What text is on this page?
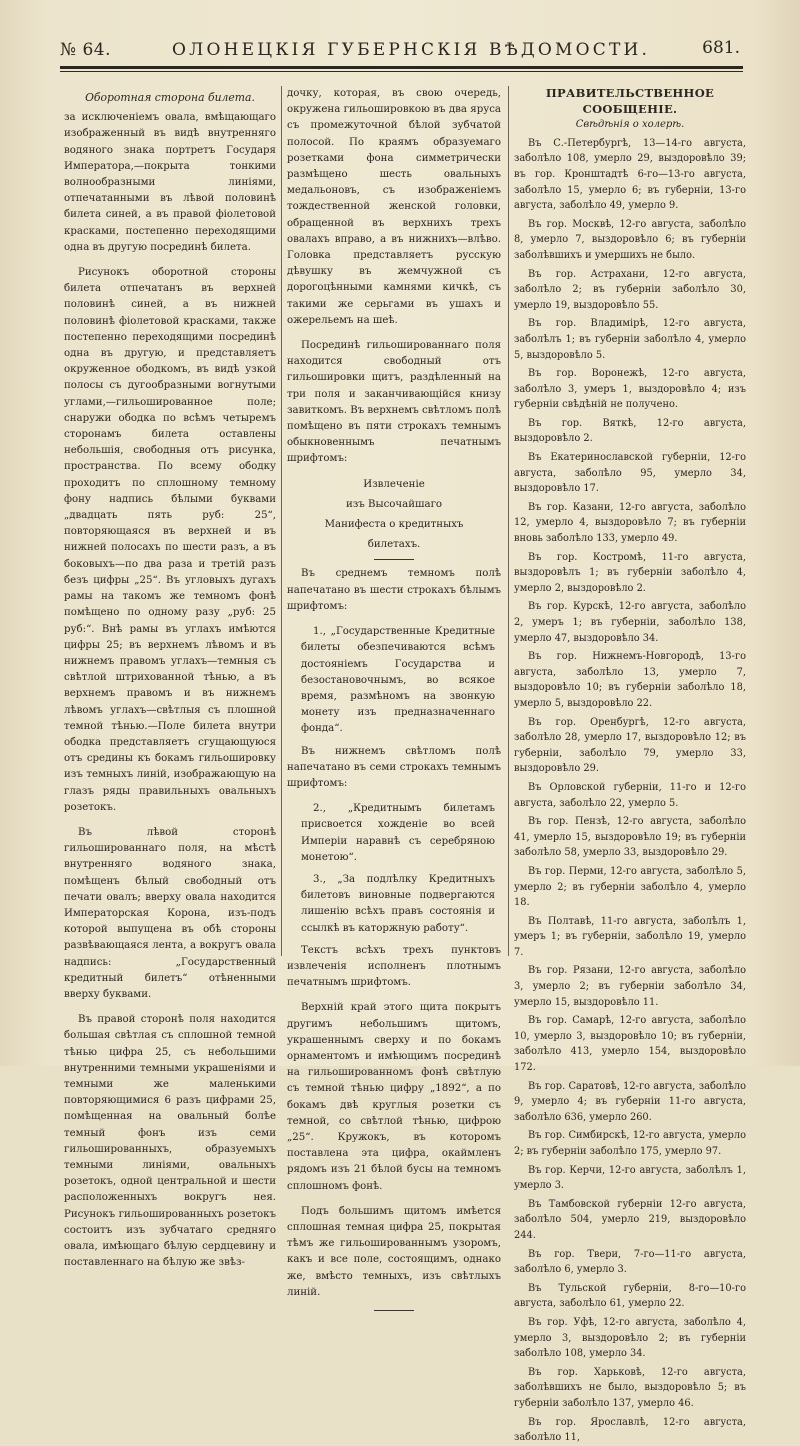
№ 64.	ОЛОНЕЦКІЯ ГУБЕРНСКІЯ ВѢДОМОСТИ.	681.

Оборотная сторона билета.

за исключеніемъ овала, вмѣщающаго изображенный въ видѣ внутренняго водяного знака портретъ Государя Императора,—покрыта тонкими волнообразными линіями, отпечатанными въ лѣвой половинѣ билета синей, а въ правой фіолетовой красками, постепенно переходящими одна въ другую посрединѣ билета.

Рисунокъ оборотной стороны билета отпечатанъ въ верхней половинѣ синей, а въ нижней половинѣ фіолетовой красками, также постепенно переходящими посрединѣ одна въ другую, и представляетъ окруженное ободкомъ, въ видѣ узкой полосы съ дугообразными вогнутыми углами,—гильошированное поле; снаружи ободка по всѣмъ четыремъ сторонамъ билета оставлены небольшія, свободныя отъ рисунка, пространства. По всему ободку проходитъ по сплошному темному фону надпись бѣлыми буквами „двадцать пять руб: 25“, повторяющаяся въ верхней и въ нижней полосахъ по шести разъ, а въ боковыхъ—по два раза и третій разъ безъ цифры „25“. Въ угловыхъ дугахъ рамы на такомъ же темномъ фонѣ помѣщено по одному разу „руб: 25 руб:“. Внѣ рамы въ углахъ имѣются цифры 25; въ верхнемъ лѣвомъ и въ нижнемъ правомъ углахъ—темныя съ свѣтлой штрихованной тѣнью, а въ верхнемъ правомъ и въ нижнемъ лѣвомъ углахъ—свѣтлыя съ плошной темной тѣнью.—Поле билета внутри ободка представляетъ сгущающуюся отъ средины къ бокамъ гильошировку изъ темныхъ линій, изображающую на глазъ ряды правильныхъ овальныхъ розетокъ.

Въ лѣвой сторонѣ гильошированнаго поля, на мѣстѣ внутренняго водяного знака, помѣщенъ бѣлый свободный отъ печати овалъ; вверху овала находится Императорская Корона, изъ-подъ которой выпущена въ обѣ стороны развѣвающаяся лента, а вокругъ овала надпись: „Государственный кредитный билетъ“ отѣненными вверху буквами.

Въ правой сторонѣ поля находится большая свѣтлая съ сплошной темной тѣнью цифра 25, съ небольшими внутренними темными украшеніями и темными же маленькими повторяющимися 6 разъ цифрами 25, помѣщенная на овальный болѣе темный фонъ изъ семи гильошированныхъ, образуемыхъ темными линіями, овальныхъ розетокъ, одной центральной и шести расположенныхъ вокругъ нея. Рисунокъ гильошированныхъ розетокъ состоитъ изъ зубчатаго средняго овала, имѣющаго бѣлую сердцевину и поставленнаго на бѣлую же звѣз-

дочку, которая, въ свою очередь, окружена гильошировкою въ два яруса съ промежуточной бѣлой зубчатой полосой. По краямъ образуемаго розетками фона симметрически размѣщено шесть овальныхъ медальоновъ, съ изображеніемъ тождественной женской головки, обращенной въ верхнихъ трехъ овалахъ вправо, а въ нижнихъ—влѣво. Головка представляетъ русскую дѣвушку въ жемчужной съ дорогоцѣнными камнями кичкѣ, съ такими же серьгами въ ушахъ и ожерельемъ на шеѣ.

Посрединѣ гильошированнаго поля находится свободный отъ гильошировки щитъ, раздѣленный на три поля и заканчивающійся книзу завиткомъ. Въ верхнемъ свѣтломъ полѣ помѣщено въ пяти строкахъ темнымъ обыкновеннымъ печатнымъ шрифтомъ:

Извлеченіе

изъ Высочайшаго

Манифеста о кредитныхъ

билетахъ.

Въ среднемъ темномъ полѣ напечатано въ шести строкахъ бѣлымъ шрифтомъ:

1., „Государственные Кредитные билеты обезпечиваются всѣмъ достояніемъ Государства и безостановочнымъ, во всякое время, размѣномъ на звонкую монету изъ предназначеннаго фонда“.

Въ нижнемъ свѣтломъ полѣ напечатано въ семи строкахъ темнымъ шрифтомъ:

2., „Кредитнымъ билетамъ присвоется хожденіе во всей Имперіи наравнѣ съ серебряною монетою“.

3., „За подлѣлку Кредитныхъ билетовъ виновные подвергаются лишенію всѣхъ правъ состоянія и ссылкѣ въ каторжную работу“.

Текстъ всѣхъ трехъ пунктовъ извлеченія исполненъ плотнымъ печатнымъ шрифтомъ.

Верхній край этого щита покрытъ другимъ небольшимъ щитомъ, украшеннымъ сверху и по бокамъ орнаментомъ и имѣющимъ посрединѣ на гильошированномъ фонѣ свѣтлую съ темной тѣнью цифру „1892“, а по бокамъ двѣ круглыя розетки съ темной, со свѣтлой тѣнью, цифрою „25“. Кружокъ, въ которомъ поставлена эта цифра, окаймленъ рядомъ изъ 21 бѣлой бусы на темномъ сплошномъ фонѣ.

Подъ большимъ щитомъ имѣется сплошная темная цифра 25, покрытая тѣмъ же гильошированнымъ узоромъ, какъ и все поле, состоящимъ, однако же, вмѣсто темныхъ, изъ свѣтлыхъ линій.

ПРАВИТЕЛЬСТВЕННОЕ СООБЩЕНІЕ.

Свѣдѣнія о холерѣ.

Въ С.-Петербургѣ, 13—14-го августа, заболѣло 108, умерло 29, выздоровѣло 39; въ гор. Кронштадтѣ 6-го—13-го августа, заболѣло 15, умерло 6; въ губерніи, 13-го августа, заболѣло 49, умерло 9.

Въ гор. Москвѣ, 12-го августа, заболѣло 8, умерло 7, выздоровѣло 6; въ губерніи заболѣвшихъ и умершихъ не было.

Въ гор. Астрахани, 12-го августа, заболѣло 2; въ губерніи заболѣло 30, умерло 19, выздоровѣло 55.

Въ гор. Владимірѣ, 12-го августа, заболѣлъ 1; въ губерніи заболѣло 4, умерло 5, выздоровѣло 5.

Въ гор. Воронежѣ, 12-го августа, заболѣло 3, умеръ 1, выздоровѣло 4; изъ губерніи свѣдѣній не получено.

Въ гор. Вяткѣ, 12-го августа, выздоровѣло 2.

Въ Екатеринославской губерніи, 12-го августа, заболѣло 95, умерло 34, выздоровѣло 17.

Въ гор. Казани, 12-го августа, заболѣло 12, умерло 4, выздоровѣло 7; въ губерніи вновь заболѣло 133, умерло 49.

Въ гор. Костромѣ, 11-го августа, выздоровѣлъ 1; въ губерніи заболѣло 4, умерло 2, выздоровѣло 2.

Въ гор. Курскѣ, 12-го августа, заболѣло 2, умеръ 1; въ губерніи, заболѣло 138, умерло 47, выздоровѣло 34.

Въ гор. Нижнемъ-Новгородѣ, 13-го августа, заболѣло 13, умерло 7, выздоровѣло 10; въ губерніи заболѣло 18, умерло 5, выздоровѣло 22.

Въ гор. Оренбургѣ, 12-го августа, заболѣло 28, умерло 17, выздоровѣло 12; въ губерніи, заболѣло 79, умерло 33, выздоровѣло 29.

Въ Орловской губерніи, 11-го и 12-го августа, заболѣло 22, умерло 5.

Въ гор. Пензѣ, 12-го августа, заболѣло 41, умерло 15, выздоровѣло 19; въ губерніи заболѣло 58, умерло 33, выздоровѣло 29.

Въ гор. Перми, 12-го августа, заболѣло 5, умерло 2; въ губерніи заболѣло 4, умерло 18.

Въ Полтавѣ, 11-го августа, заболѣлъ 1, умеръ 1; въ губерніи, заболѣло 19, умерло 7.

Въ гор. Рязани, 12-го августа, заболѣло 3, умерло 2; въ губерніи заболѣло 34, умерло 15, выздоровѣло 11.

Въ гор. Самарѣ, 12-го августа, заболѣло 10, умерло 3, выздоровѣло 10; въ губерніи, заболѣло 413, умерло 154, выздоровѣло 172.

Въ гор. Саратовѣ, 12-го августа, заболѣло 9, умерло 4; въ губерніи 11-го августа, заболѣло 636, умерло 260.

Въ гор. Симбирскѣ, 12-го августа, умерло 2; въ губерніи заболѣло 175, умерло 97.

Въ гор. Керчи, 12-го августа, заболѣлъ 1, умерло 3.

Въ Тамбовской губерніи 12-го августа, заболѣло 504, умерло 219, выздоровѣло 244.

Въ гор. Твери, 7-го—11-го августа, заболѣло 6, умерло 3.

Въ Тульской губерніи, 8-го—10-го августа, заболѣло 61, умерло 22.

Въ гор. Уфѣ, 12-го августа, заболѣло 4, умерло 3, выздоровѣло 2; въ губерніи заболѣло 108, умерло 34.

Въ гор. Харьковѣ, 12-го августа, заболѣвшихъ не было, выздоровѣло 5; въ губерніи заболѣло 137, умерло 46.

Въ гор. Ярославлѣ, 12-го августа, заболѣло 11,
